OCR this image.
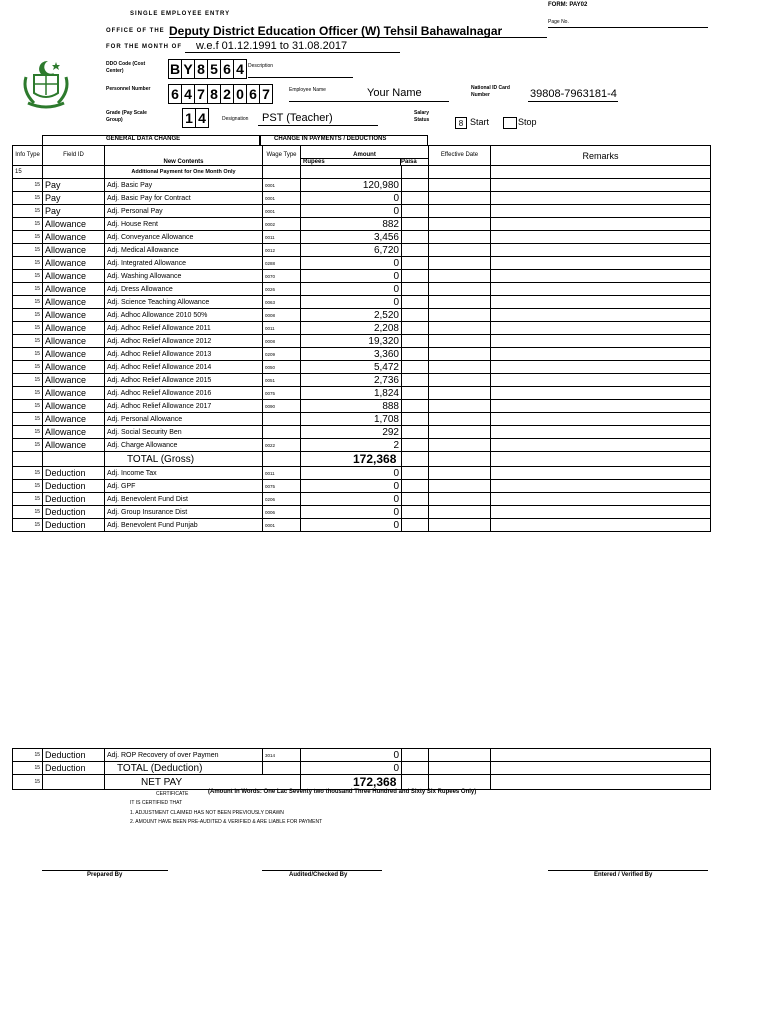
FORM: PAY02
Page No.
SINGLE EMPLOYEE ENTRY
OFFICE OF THE Deputy District Education Officer (W) Tehsil Bahawalnagar
FOR THE MONTH OF w.e.f 01.12.1991 to 31.08.2017
DDO Code (Cost Center)	B Y 8 5 6 4 Description
Personnel Number	6 4 7 8 2 0 6 7	Employee Name	Your Name	National ID Card Number	39808-7963181-4
Grade (Pay Scale Group)	1 4	Designation PST (Teacher)	Salary Status	8 Start	Stop
GENERAL DATA CHANGE	CHANGE IN PAYMENTS / DEDUCTIONS
Info Type	Field ID	New Contents	Wage Type	Amount
Rupees Paisa		Effective Date	Remarks
15		Additional Payment for One Month Only					
15	Pay	Adj. Basic Pay	0001	120,980			
15	Pay	Adj. Basic Pay for Contract	0001	0			
15	Pay	Adj. Personal Pay	0001	0			
15	Allowance	Adj. House Rent	0002	882			
15	Allowance	Adj. Conveyance Allowance	0011	3,456			
15	Allowance	Adj. Medical Allowance	0012	6,720			
15	Allowance	Adj. Integrated Allowance	0288	0			
15	Allowance	Adj. Washing Allowance	0070	0			
15	Allowance	Adj. Dress Allowance	0026	0			
15	Allowance	Adj. Science Teaching Allowance	0063	0			
15	Allowance	Adj. Adhoc Allowance 2010 50%	0008	2,520			
15	Allowance	Adj. Adhoc Relief Allowance 2011	0011	2,208			
15	Allowance	Adj. Adhoc Relief Allowance 2012	0008	19,320			
15	Allowance	Adj. Adhoc Relief Allowance 2013	0209	3,360			
15	Allowance	Adj. Adhoc Relief Allowance 2014	0050	5,472			
15	Allowance	Adj. Adhoc Relief Allowance 2015	0051	2,736			
15	Allowance	Adj. Adhoc Relief Allowance 2016	0075	1,824			
15	Allowance	Adj. Adhoc Relief Allowance 2017	0090	888			
15	Allowance	Adj. Personal Allowance		1,708			
15	Allowance	Adj. Social Security Ben		292			
15	Allowance	Adj. Charge Allowance	0022	2			
		TOTAL (Gross)		172,368			
15	Deduction	Adj. Income Tax	0011	0			
15	Deduction	Adj. GPF	0075	0			
15	Deduction	Adj. Benevolent Fund Dist	0206	0			
15	Deduction	Adj. Group Insurance Dist	0006	0			
15	Deduction	Adj. Benevolent Fund Punjab	0001	0			
15	Deduction	Adj. ROP Recovery of over Paymen	3014	0			
15	Deduction	TOTAL (Deduction)		0			
15		NET PAY		172,368			
CERTIFICATE	(Amount in Words: One Lac Seventy two thousand Three Hundred and Sixty Six Rupees Only)
IT IS CERTIFIED THAT
1. ADJUSTMENT CLAIMED HAS NOT BEEN PREVIOUSLY DRAWN
2. AMOUNT HAVE BEEN PRE-AUDITED & VERIFIED & ARE LIABLE FOR PAYMENT
Prepared By	Audited/Checked By	Entered / Verified By
